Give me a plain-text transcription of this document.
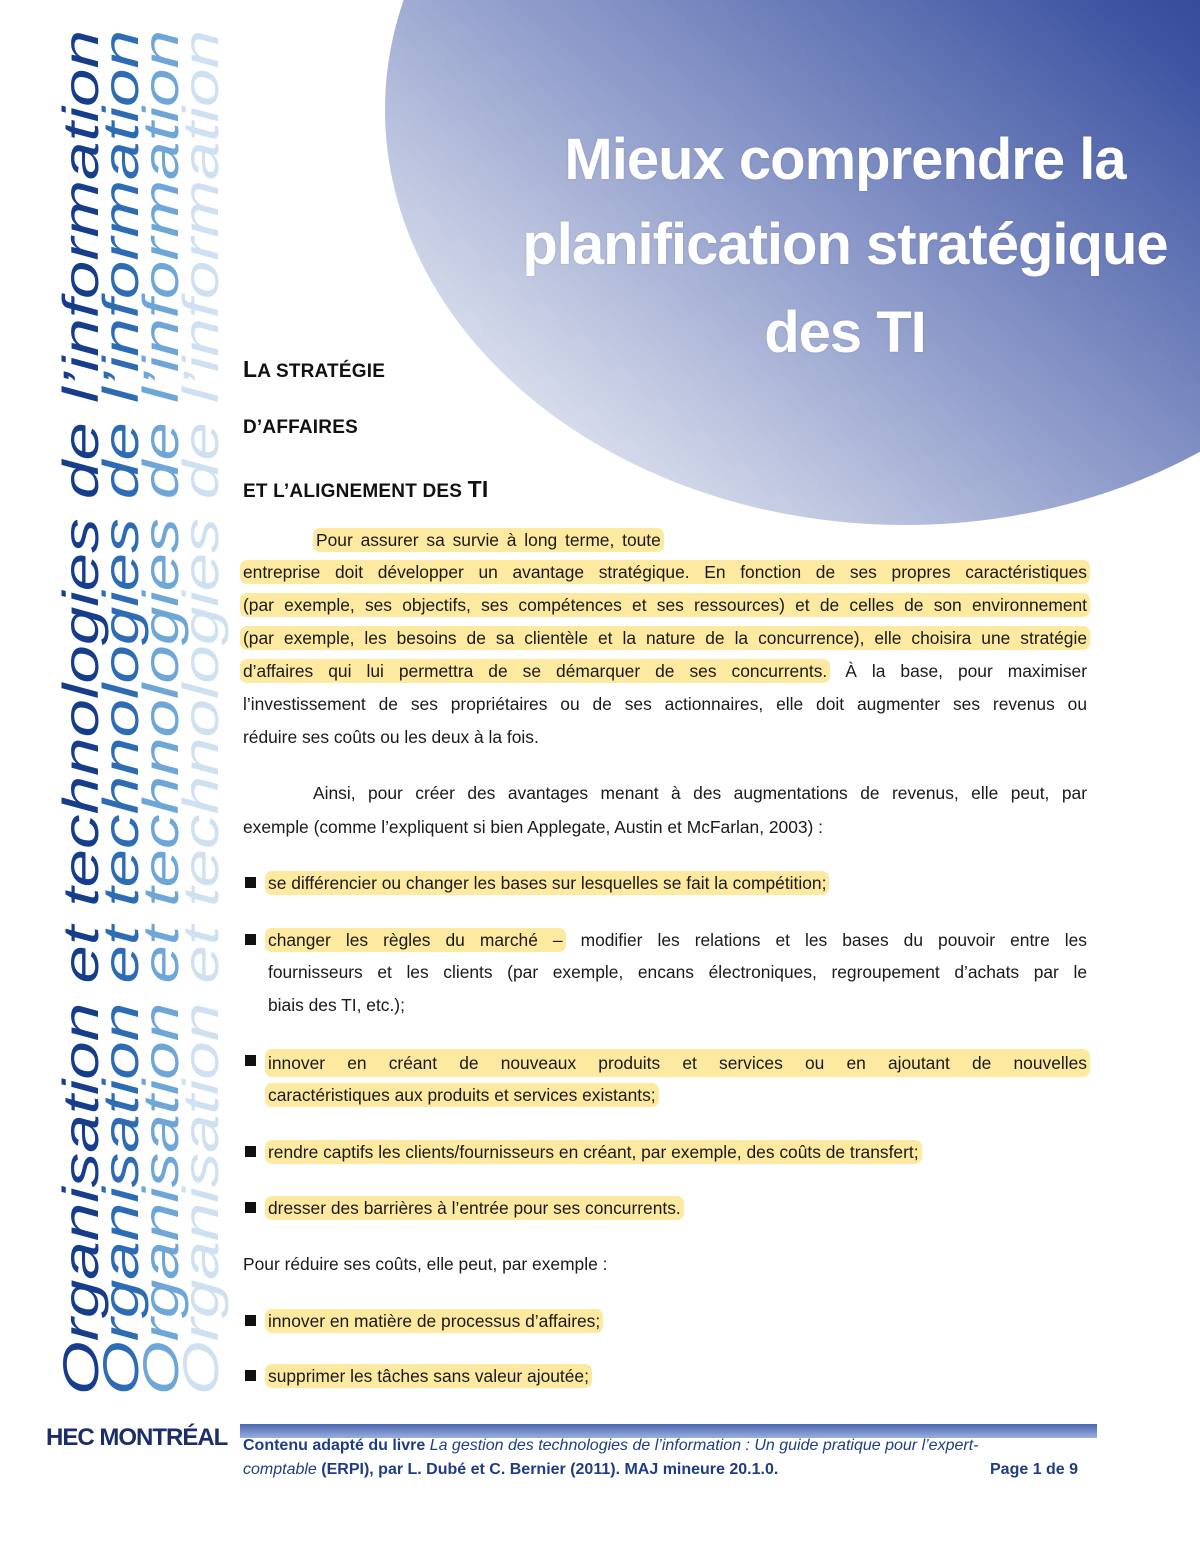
Organisation et technologies de l’information
Organisation et technologies de l’information
Organisation et technologies de l’information
Organisation et technologies de l’information
Mieux comprendre la
planification stratégique
des TI
LA STRATÉGIE
D’AFFAIRES
ET L’ALIGNEMENT DES TI
Pour assurer sa survie à long terme, toute
entreprise doit développer un avantage stratégique. En fonction de ses propres caractéristiques
(par exemple, ses objectifs, ses compétences et ses ressources) et de celles de son environnement
(par exemple, les besoins de sa clientèle et la nature de la concurrence), elle choisira une stratégie
d’affaires qui lui permettra de se démarquer de ses concurrents. À la base, pour maximiser
l’investissement de ses propriétaires ou de ses actionnaires, elle doit augmenter ses revenus ou
réduire ses coûts ou les deux à la fois.
Ainsi, pour créer des avantages menant à des augmentations de revenus, elle peut, par
exemple (comme l’expliquent si bien Applegate, Austin et McFarlan, 2003) :
se différencier ou changer les bases sur lesquelles se fait la compétition;
changer les règles du marché – modifier les relations et les bases du pouvoir entre les
fournisseurs et les clients (par exemple, encans électroniques, regroupement d’achats par le
biais des TI, etc.);
innover en créant de nouveaux produits et services ou en ajoutant de nouvelles
caractéristiques aux produits et services existants;
rendre captifs les clients/fournisseurs en créant, par exemple, des coûts de transfert;
dresser des barrières à l’entrée pour ses concurrents.
Pour réduire ses coûts, elle peut, par exemple :
innover en matière de processus d’affaires;
supprimer les tâches sans valeur ajoutée;
HEC MONTRÉAL Contenu adapté du livre La gestion des technologies de l’information : Un guide pratique pour l’expert-
comptable (ERPI), par L. Dubé et C. Bernier (2011). MAJ mineure 20.1.0.	Page 1 de 9
